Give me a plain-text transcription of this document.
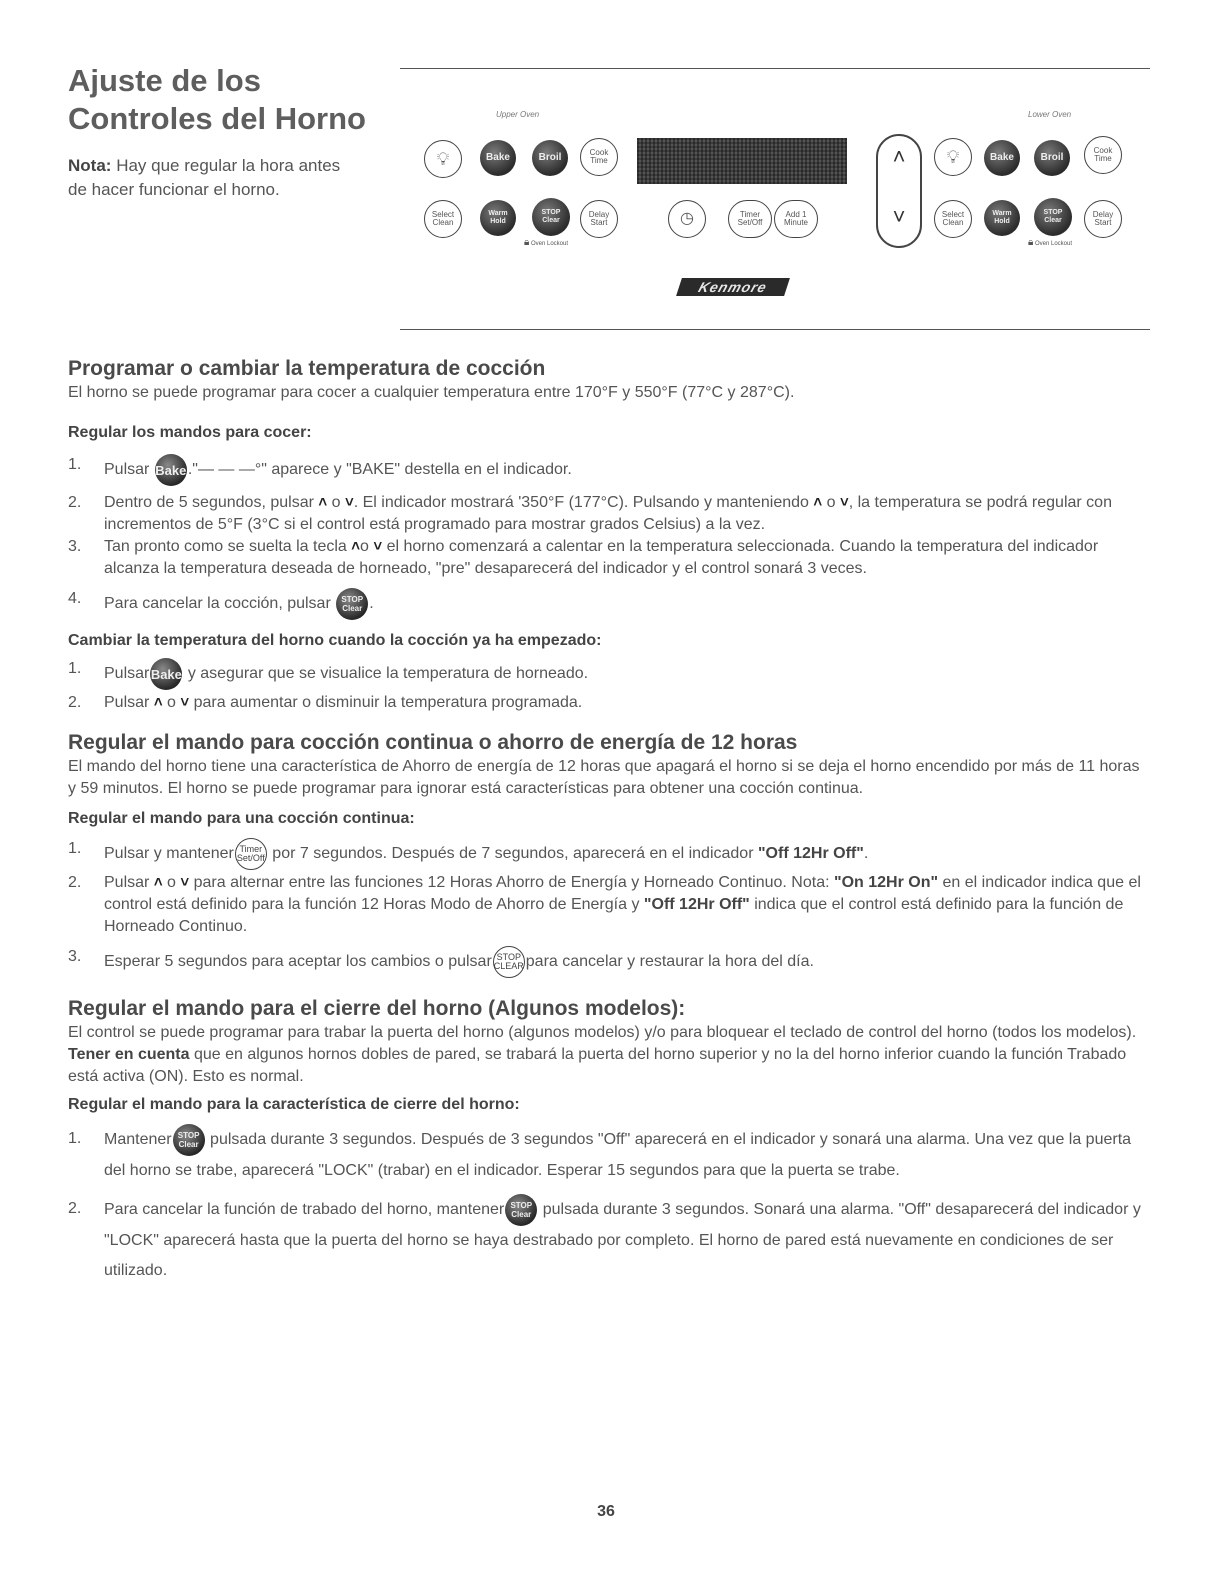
Ajuste de los
Controles del Horno

Nota: Hay que regular la hora antes de hacer funcionar el horno.

Upper Oven	Lower Oven
💡︎	Bake	Broil	Cook Time
Select Clean
Warm Hold
STOP Clear
Delay Start
🔒︎ Oven Lockout
◷	Timer Set/Off
Add 1 Minute
˄
˅
💡︎	Bake	Broil
Cook Time
Select Clean
Warm Hold
STOP Clear
Delay Start
🔒︎ Oven Lockout
Kenmore
Programar o cambiar la temperatura de cocción

El horno se puede programar para cocer a cualquier temperatura entre 170°F y 550°F (77°C y 287°C).

Regular los mandos para cocer:
1. Pulsar Bake."— — —°" aparece y "BAKE" destella en el indicador.
2. Dentro de 5 segundos, pulsar ˄ o ˅. El indicador mostrará '350°F (177°C). Pulsando y manteniendo ˄ o ˅, la temperatura se podrá regular con incrementos de 5°F (3°C si el control está programado para mostrar grados Celsius) a la vez.
3. Tan pronto como se suelta la tecla ˄o ˅ el horno comenzará a calentar en la temperatura seleccionada. Cuando la temperatura del indicador alcanza la temperatura deseada de horneado, "pre" desaparecerá del indicador y el control sonará 3 veces.
4. Para cancelar la cocción, pulsar STOP Clear .
Cambiar la temperatura del horno cuando la cocción ya ha empezado:
1. PulsarBake y asegurar que se visualice la temperatura de horneado.
2. Pulsar ˄ o ˅ para aumentar o disminuir la temperatura programada.
Regular el mando para cocción continua o ahorro de energía de 12 horas

El mando del horno tiene una característica de Ahorro de energía de 12 horas que apagará el horno si se deja el horno encendido por más de 11 horas y 59 minutos. El horno se puede programar para ignorar está características para obtener una cocción continua.

Regular el mando para una cocción continua:
1. Pulsar y mantener Timer Set/Off por 7 segundos. Después de 7 segundos, aparecerá en el indicador "Off 12Hr Off".
2. Pulsar ˄ o ˅ para alternar entre las funciones 12 Horas Ahorro de Energía y Horneado Continuo. Nota: "On 12Hr On" en el indicador indica que el control está definido para la función 12 Horas Modo de Ahorro de Energía y "Off 12Hr Off" indica que el control está definido para la función de Horneado Continuo.
3. Esperar 5 segundos para aceptar los cambios o pulsar STOP CLEAR para cancelar y restaurar la hora del día.
Regular el mando para el cierre del horno (Algunos modelos):

El control se puede programar para trabar la puerta del horno (algunos modelos) y/o para bloquear el teclado de control del horno (todos los modelos). Tener en cuenta que en algunos hornos dobles de pared, se trabará la puerta del horno superior y no la del horno inferior cuando la función Trabado está activa (ON). Esto es normal.

Regular el mando para la característica de cierre del horno:
1. Mantener STOP Clear pulsada durante 3 segundos. Después de 3 segundos "Off" aparecerá en el indicador y sonará una alarma. Una vez que la puerta del horno se trabe, aparecerá "LOCK" (trabar) en el indicador. Esperar 15 segundos para que la puerta se trabe.
2. Para cancelar la función de trabado del horno, mantener STOP Clear pulsada durante 3 segundos. Sonará una alarma. "Off" desaparecerá del indicador y "LOCK" aparecerá hasta que la puerta del horno se haya destrabado por completo. El horno de pared está nuevamente en condiciones de ser utilizado.
36
